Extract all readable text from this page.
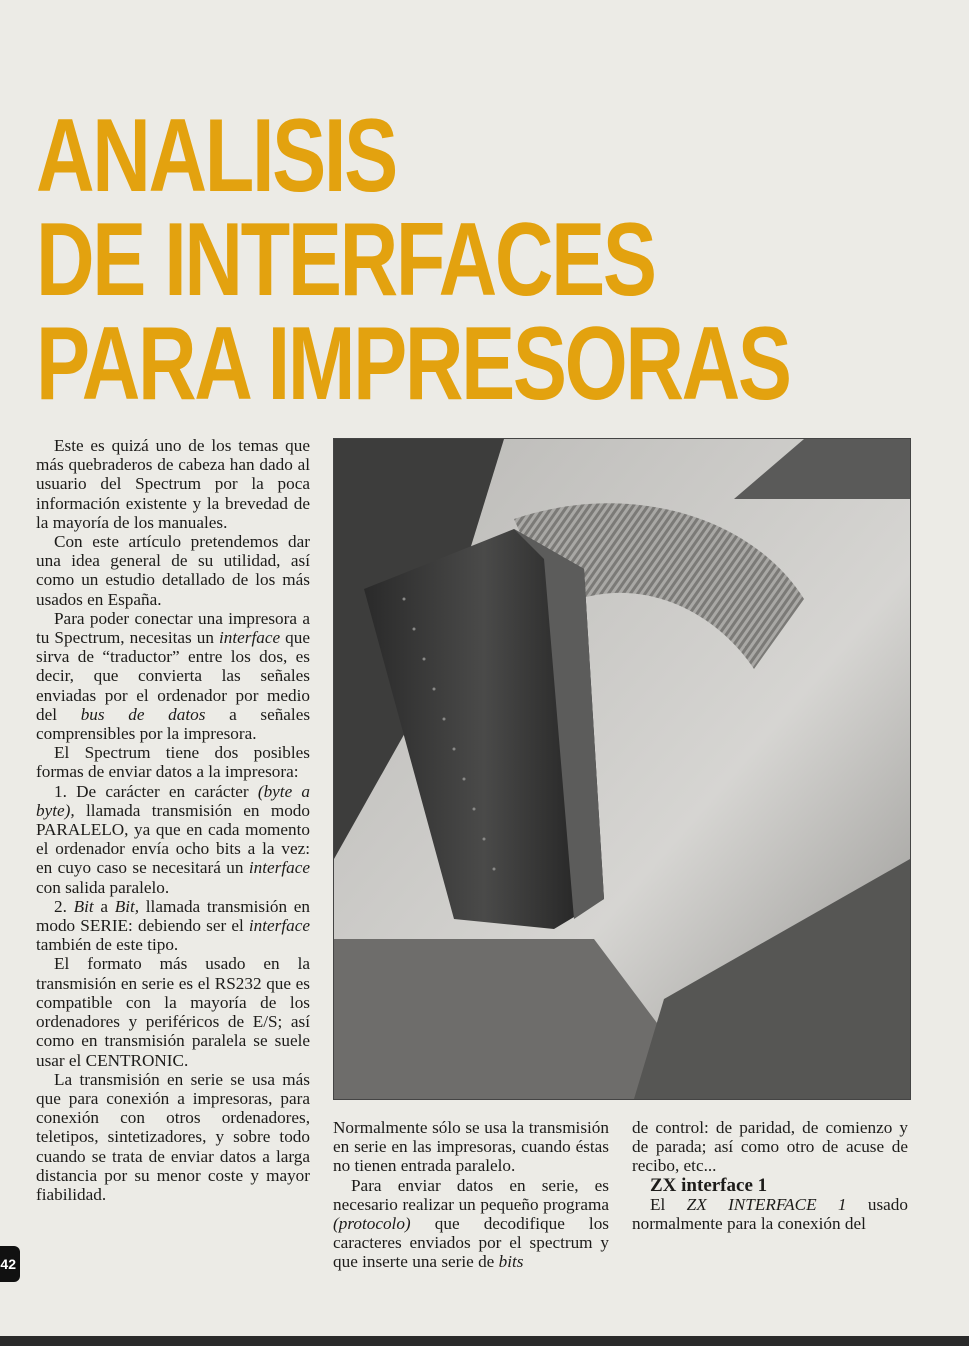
ANALISIS
DE INTERFACES
PARA IMPRESORAS

Este es quizá uno de los temas que más quebraderos de cabeza han dado al usuario del Spectrum por la poca información existente y la brevedad de la mayoría de los manuales.

Con este artículo pretendemos dar una idea general de su utilidad, así como un estudio detallado de los más usados en España.

Para poder conectar una impresora a tu Spectrum, necesitas un interface que sirva de “traductor” entre los dos, es decir, que convierta las señales enviadas por el ordenador por medio del bus de datos a señales comprensibles por la impresora.

El Spectrum tiene dos posibles formas de enviar datos a la impresora:

1. De carácter en carácter (byte a byte), llamada transmisión en modo PARALELO, ya que en cada momento el ordenador envía ocho bits a la vez: en cuyo caso se necesitará un interface con salida paralelo.

2. Bit a Bit, llamada transmisión en modo SERIE: debiendo ser el interface también de este tipo.

El formato más usado en la transmisión en serie es el RS232 que es compatible con la mayoría de los ordenadores y periféricos de E/S; así como en transmisión paralela se suele usar el CENTRONIC.

La transmisión en serie se usa más que para conexión a impresoras, para conexión con otros ordenadores, teletipos, sintetizadores, y sobre todo cuando se trata de enviar datos a larga distancia por su menor coste y mayor fiabilidad.

Normalmente sólo se usa la transmisión en serie en las impresoras, cuando éstas no tienen entrada paralelo.

Para enviar datos en serie, es necesario realizar un pequeño programa (protocolo) que decodifique los caracteres enviados por el spectrum y que inserte una serie de bits

de control: de paridad, de comienzo y de parada; así como otro de acuse de recibo, etc...

ZX interface 1

El ZX INTERFACE 1 usado normalmente para la conexión del

42
